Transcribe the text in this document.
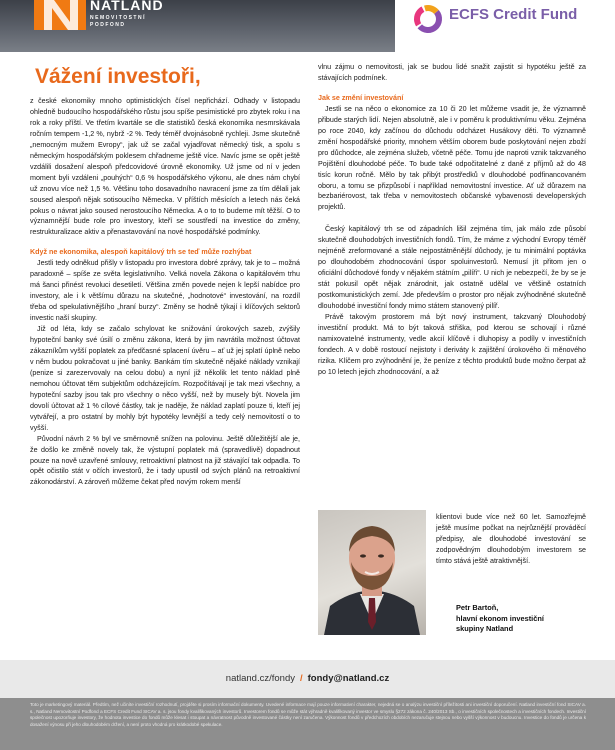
NATLAND
NEMOVITOSTNÍ PODFOND
ECFS Credit Fund
Vážení investoři,

z české ekonomiky mnoho optimistických čísel nepřichází. Odhady v listopadu ohledně budoucího hospodářského růstu jsou spíše pesimistické pro zbytek roku i na rok a roky příští. Ve třetím kvartále se dle statistiků česká ekonomika nesmrskávala ročním tempem -1,2 %, nybrž -2 %. Tedy téměř dvojnásobně rychleji. Jsme skutečně „nemocným mužem Evropy“, jak už se začal vyjadřovat německý tisk, a spolu s německým hospodářským poklesem chřadneme ještě více. Navíc jsme se opět ještě vzdálili dosažení alespoň předcovidové úrovně ekonomiky. Už jsme od ní v jeden moment byli vzdáleni „pouhých“ 0,6 % hospodářského výkonu, ale dnes nám chybí už znovu více než 1,5 %. Většinu toho dosavadního navracení jsme za tím dělali jak soused alespoň nějak sotisoucího Německa. V příštích měsících a letech nás čeká pokus o návrat jako soused nerostoucího Německa. A o to to budeme mít těžší. O to významnější bude role pro investory, kteří se soustředí na investice do změny, restrukturalizace aktiv a přenastavování na nové hospodářské podmínky.

Když ne ekonomika, alespoň kapitálový trh se teď může rozhýbat

Jestli tedy odněkud přišly v listopadu pro investora dobré zprávy, tak je to – možná paradoxně – spíše ze světa legislativního. Velká novela Zákona o kapitálovém trhu má šanci přinést revoluci desetiletí. Většina změn povede nejen k lepší nabídce pro investory, ale i k většímu důrazu na skutečné, „hodnotové“ investování, na rozdíl třeba od spekulativnějšího „hraní burzy“. Změny se hodně týkají i klíčových sektorů investic naší skupiny.

Již od léta, kdy se začalo schylovat ke snižování úrokových sazeb, zvýšily hypoteční banky své úsilí o změnu zákona, která by jim navrátila možnost účtovat zákazníkům vyšší poplatek za předčasné splacení úvěru – ať už jej splatí úplně nebo v něm budou pokračovat u jiné banky. Bankám tím skutečně nějaké náklady vznikají (penize si zarezervovaly na celou dobu) a nyní již několik let tento náklad plně nemohou účtovat těm subjektům odcházejícím. Rozpočítávají je tak mezi všechny, a hypoteční sazby jsou tak pro všechny o něco vyšší, než by musely být. Novela jim dovolí účtovat až 1 % cílové částky, tak je naděje, že náklad zaplatí pouze ti, kteří jej vytvářejí, a pro ostatní by mohly být hypotéky levnější a tedy celý nemovitostí o to vyšší.

Původní návrh 2 % byl ve směrnovně snížen na polovinu. Ještě důležitější ale je, že došlo ke změně novely tak, že výstupní poplatek má (spravedlivě) dopadnout pouze na nově uzavřené smlouvy, retroaktivní platnost na již stávající tak odpadla. To opět očistilo stát v očích investorů, že i tady upustil od svých plánů na retroaktivní zákonodárství. A zároveň můžeme čekat před novým rokem menší

vlnu zájmu o nemovitosti, jak se budou lidé snažit zajistit si hypotéku ještě za stávajících podmínek.

Jak se změní investování

Jestli se na něco o ekonomice za 10 či 20 let můžeme vsadit je, že významně přibude starých lidí. Nejen absolutně, ale i v poměru k produktivnímu věku. Zejména po roce 2040, kdy začínou do důchodu odcházet Husákovy děti. To významně změní hospodářské priority, mnohem větším oborem bude poskytování nejen zboží pro důchodce, ale zejména služeb, včetně péče. Tomu jde naproti vznik takzvaného Pojištění dlouhodobé péče. To bude také odpočitatelné z daně z příjmů až do 48 tisíc korun ročně. Mělo by tak přibýt prostředků v dlouhodobé podfinancovaném oboru, a tomu se přizpůsobí i například nemovitostní investice. Ať už důrazem na bezbariérovost, tak třeba v nemovitostech občanské vybavenosti developerských projektů.

Český kapitálový trh se od západních lišil zejména tím, jak málo zde působí skutečně dlouhodobých investičních fondů. Tím, že máme z východní Evropy téměř nejméně zreformované a stále nejpostátněnější důchody, je tu minimální poptávka po dlouhodobém zhodnocování úspor spoluinvestorů. Nemusí jít přitom jen o oficiální důchodové fondy v nějakém státním „pilíři“. U nich je nebezpečí, že by se je stát pokusil opět nějak znárodnit, jak ostatně udělal ve většině ostatních postkomunistických zemí. Jde především o prostor pro nějak zvýhodněné skutečně dlouhodobé investiční fondy mimo státem stanovený pilíř.

Právě takovým prostorem má být nový instrument, takzvaný Dlouhodobý investiční produkt. Má to být taková střiška, pod kterou se schovají i různé namixovatelné instrumenty, vedle akcií klíčově i dluhopisy a podíly v investičních fondech. A v době rostoucí nejistoty i deriváty k zajištění úrokového či měnového rizika. Klíčem pro zvýhodnění je, že peníze z těchto produktů bude možno čerpat až po 10 letech jejich zhodnocování, a až

klientovi bude více než 60 let. Samozřejmě ještě musíme počkat na nejrůznější prováděcí předpisy, ale dlouhodobé investování se zodpovědným dlouhodobým investorem se tímto stává ještě atraktivnější.
Petr Bartoň,
hlavní ekonom investiční
skupiny Natland
natland.cz/fondy / fondy@natland.cz
Toto je marketingový materiál. Předtím, než učiníte investiční rozhodnutí, projděte si prosím informační dokumenty. Uvedené informace mají pouze informativní charakter, nejedná se o analýzu investiční příležitosti ani investiční doporučení. Natland investiční fond SICAV a. s., Natland Nemovitostní Podfond a ECFS Credit Fund SICAV a. s. jsou fondy kvalifikovaných investorů. Investorem fondů se může stát výhradně kvalifikovaný investor ve smyslu §272 zákona č. 240/2013 Sb., o investičních společnostech a investičních fondech. Investiční společnost upozorňuje investory, že hodnota investice do fondů může klesat i stoupat a návratnost původně investované částky není zaručena. Výkonnost fondů v předchozích obdobích nezaručuje stejnou nebo vyšší výkonnost v budoucnu. Investice do fondů je určena k dosažení výnosu při jeho dlouhodobém držení, a není proto vhodná pro krátkodobé spekulace.
